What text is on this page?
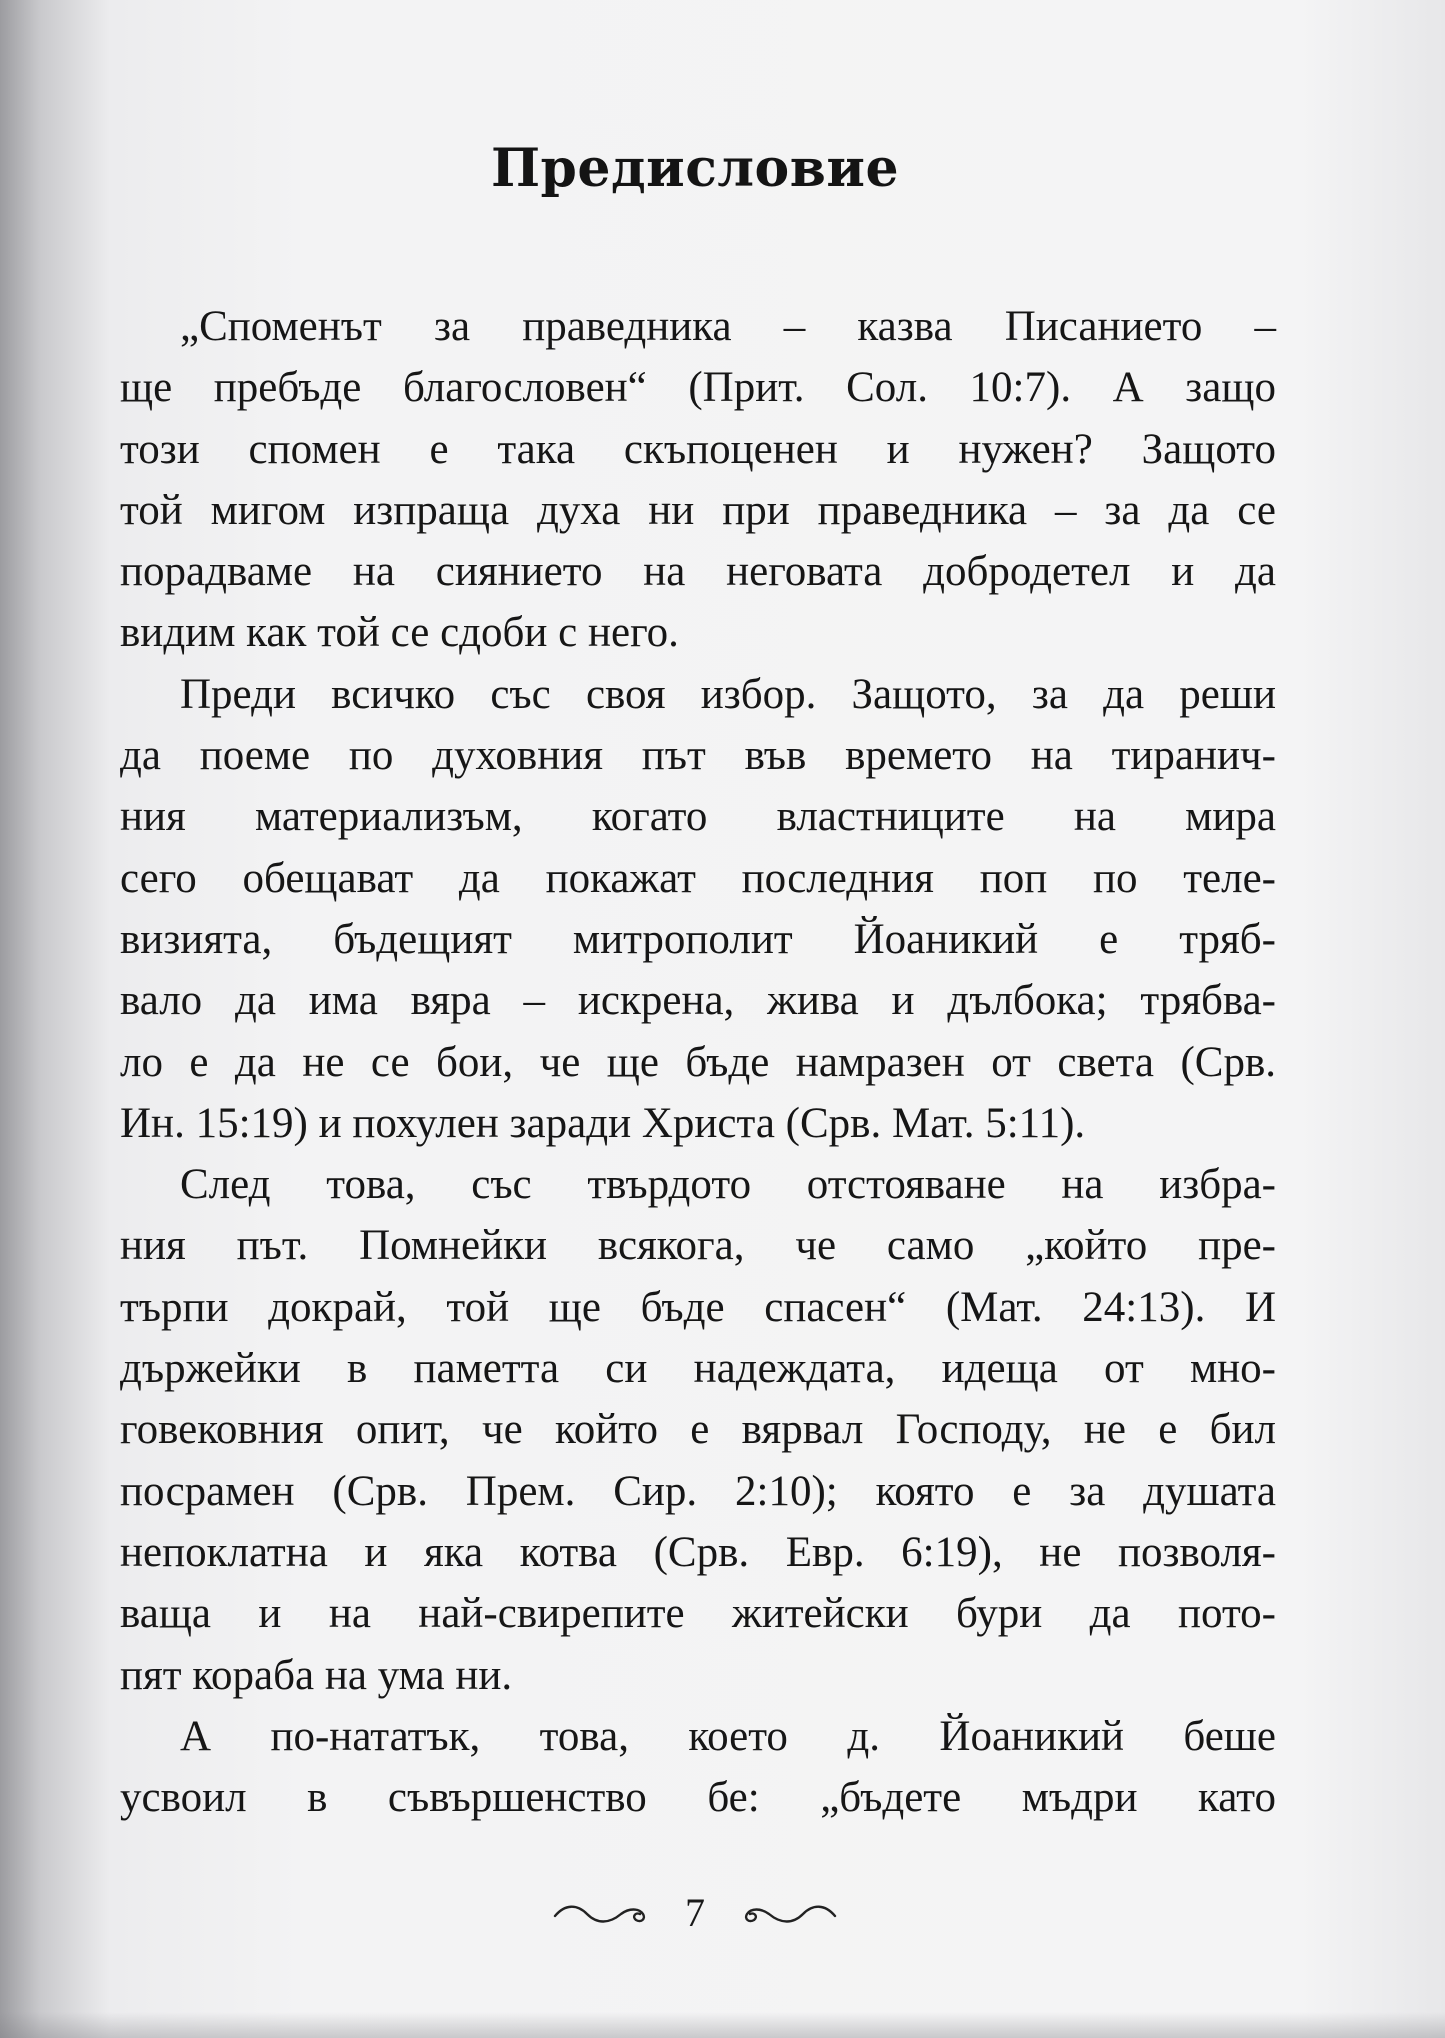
Предисловие
„Споменът за праведника – казва Писанието –
ще пребъде благословен“ (Прит. Сол. 10:7). А защо
този спомен е така скъпоценен и нужен? Защото
той мигом изпраща духа ни при праведника – за да се
порадваме на сиянието на неговата добродетел и да
видим как той се сдоби с него.
Преди всичко със своя избор. Защото, за да реши
да поеме по духовния път във времето на тиранич-
ния материализъм, когато властниците на мира
сего обещават да покажат последния поп по теле-
визията, бъдещият митрополит Йоаникий е тряб-
вало да има вяра – искрена, жива и дълбока; трябва-
ло е да не се бои, че ще бъде намразен от света (Срв.
Ин. 15:19) и похулен заради Христа (Срв. Мат. 5:11).
След това, със твърдото отстояване на избра-
ния път. Помнейки всякога, че само „който пре-
търпи докрай, той ще бъде спасен“ (Мат. 24:13). И
държейки в паметта си надеждата, идеща от мно-
говековния опит, че който е вярвал Господу, не е бил
посрамен (Срв. Прем. Сир. 2:10); която е за душата
непоклатна и яка котва (Срв. Евр. 6:19), не позволя-
ваща и на най-свирепите житейски бури да пото-
пят кораба на ума ни.
А по-нататък, това, което д. Йоаникий беше
усвоил в съвършенство бе: „бъдете мъдри като
7
